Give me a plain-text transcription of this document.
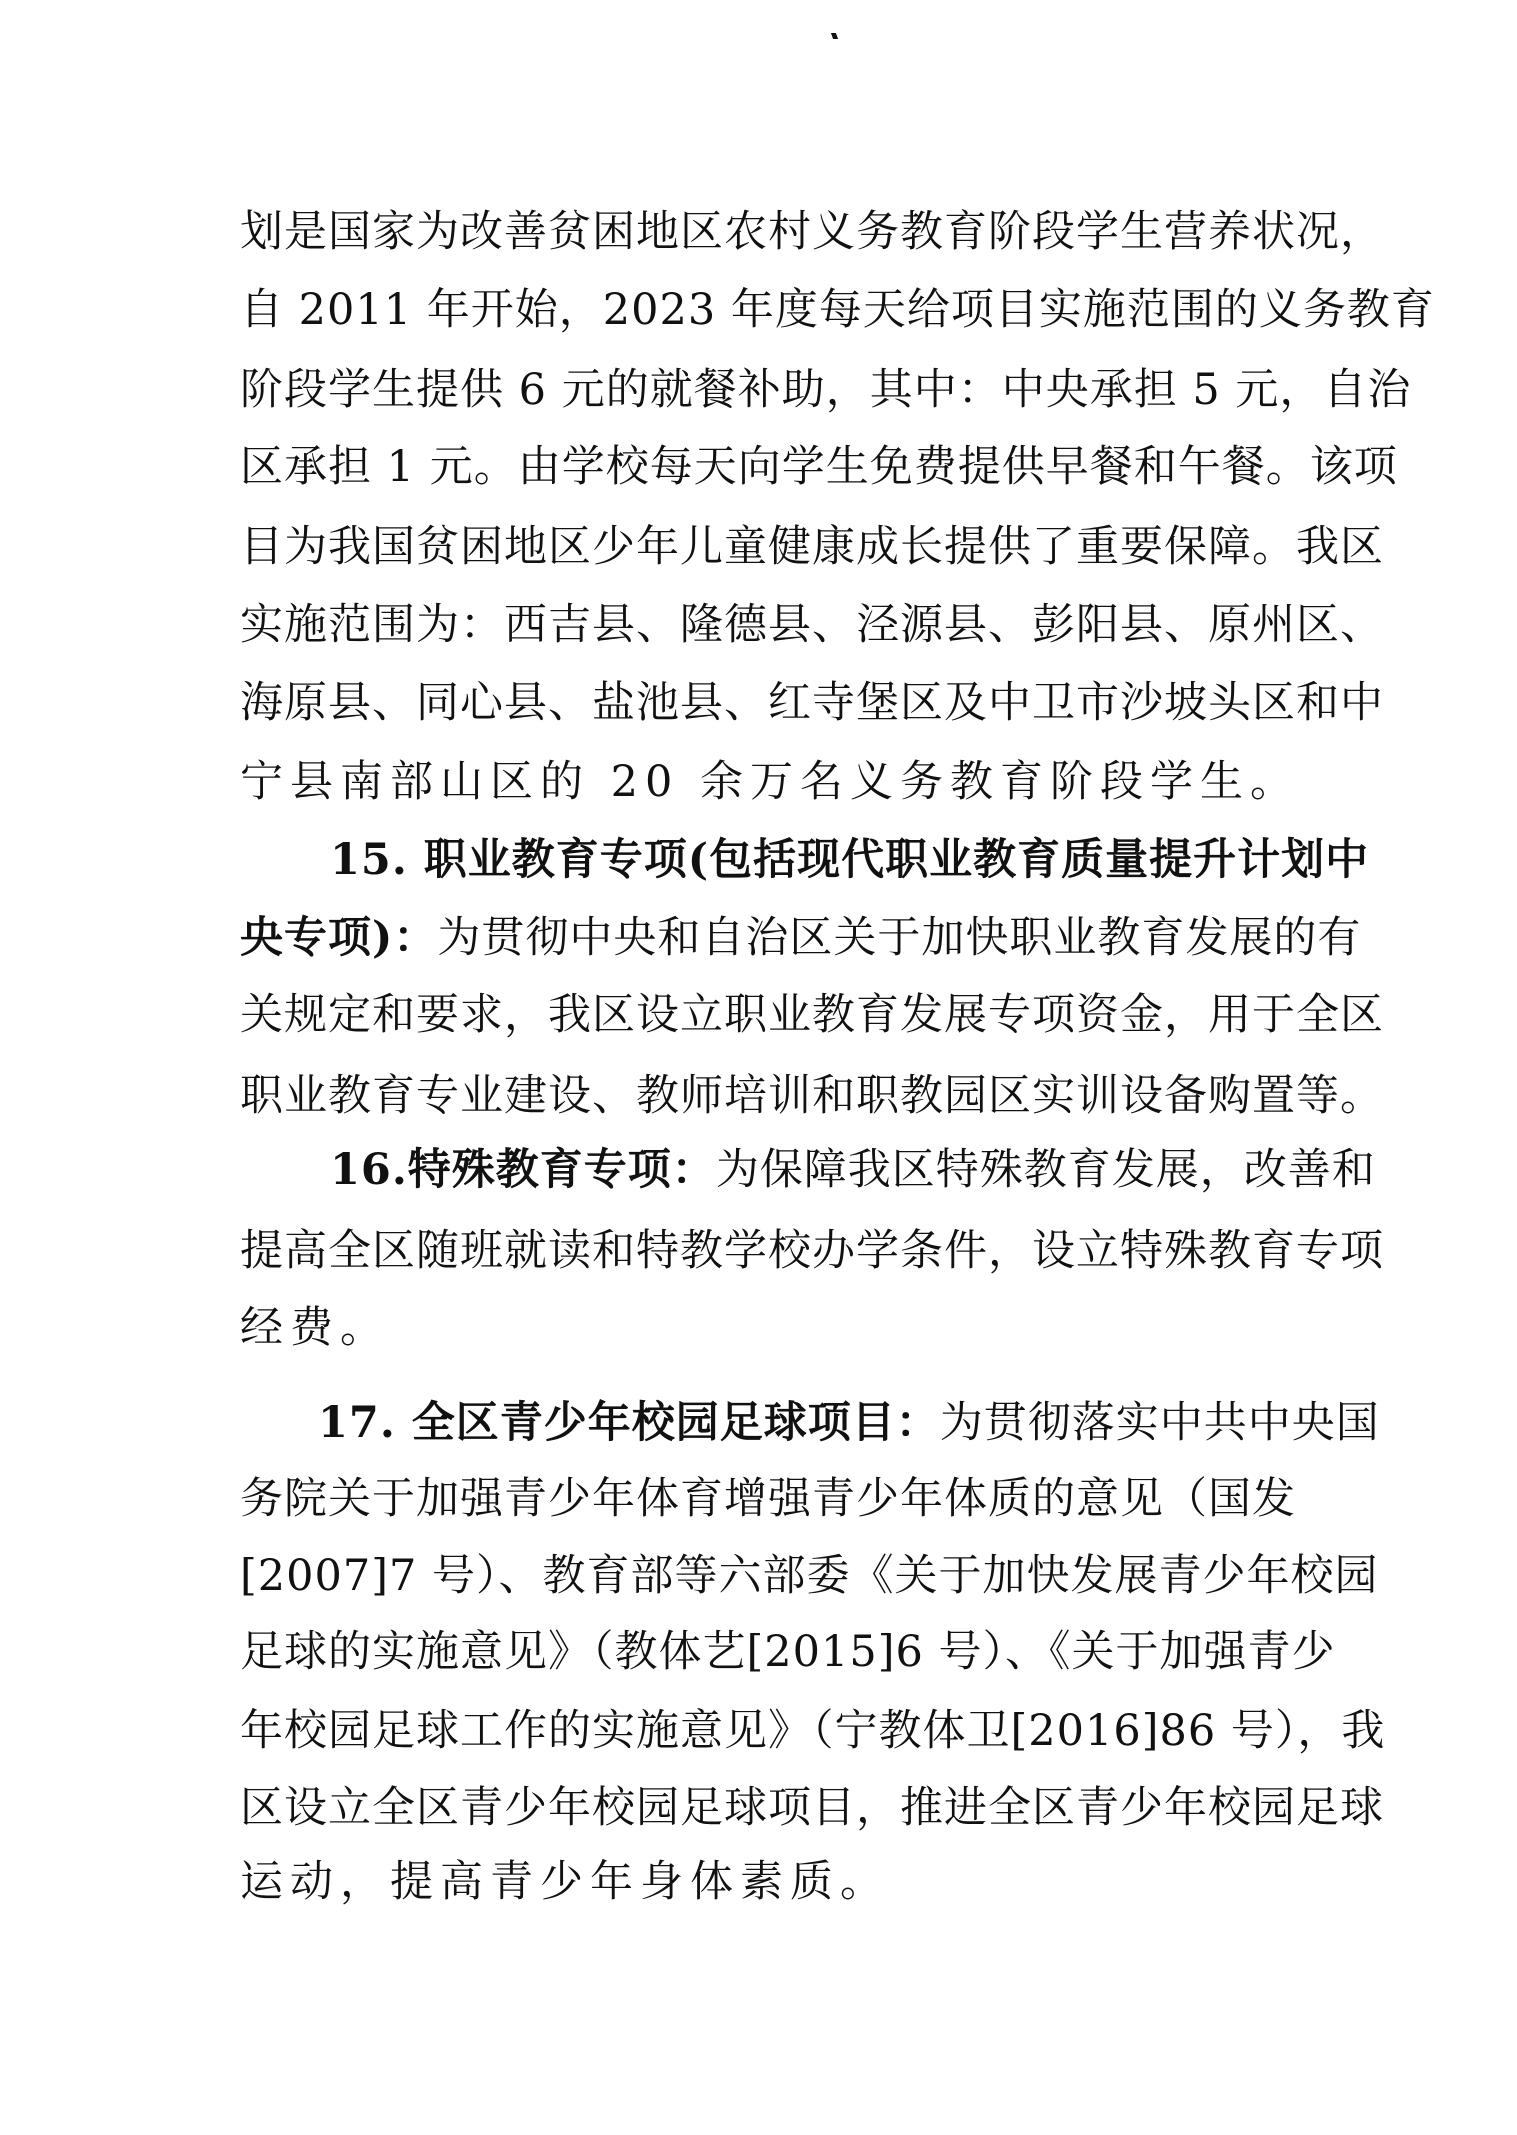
划是国家为改善贫困地区农村义务教育阶段学生营养状况，
自 2011 年开始，2023 年度每天给项目实施范围的义务教育
阶段学生提供 6 元的就餐补助，其中：中央承担 5 元，自治
区承担 1 元。由学校每天向学生免费提供早餐和午餐。该项
目为我国贫困地区少年儿童健康成长提供了重要保障。我区
实施范围为：西吉县、隆德县、泾源县、彭阳县、原州区、
海原县、同心县、盐池县、红寺堡区及中卫市沙坡头区和中
宁县南部山区的 20 余万名义务教育阶段学生。
15. 职业教育专项(包括现代职业教育质量提升计划中
央专项)：为贯彻中央和自治区关于加快职业教育发展的有
关规定和要求，我区设立职业教育发展专项资金，用于全区
职业教育专业建设、教师培训和职教园区实训设备购置等。
16.特殊教育专项：为保障我区特殊教育发展，改善和
提高全区随班就读和特教学校办学条件，设立特殊教育专项
经费。
17. 全区青少年校园足球项目：为贯彻落实中共中央国
务院关于加强青少年体育增强青少年体质的意见（国发
[2007]7 号）、教育部等六部委《关于加快发展青少年校园
足球的实施意见》（教体艺[2015]6 号）、《关于加强青少
年校园足球工作的实施意见》（宁教体卫[2016]86 号），我
区设立全区青少年校园足球项目，推进全区青少年校园足球
运动，提高青少年身体素质。
